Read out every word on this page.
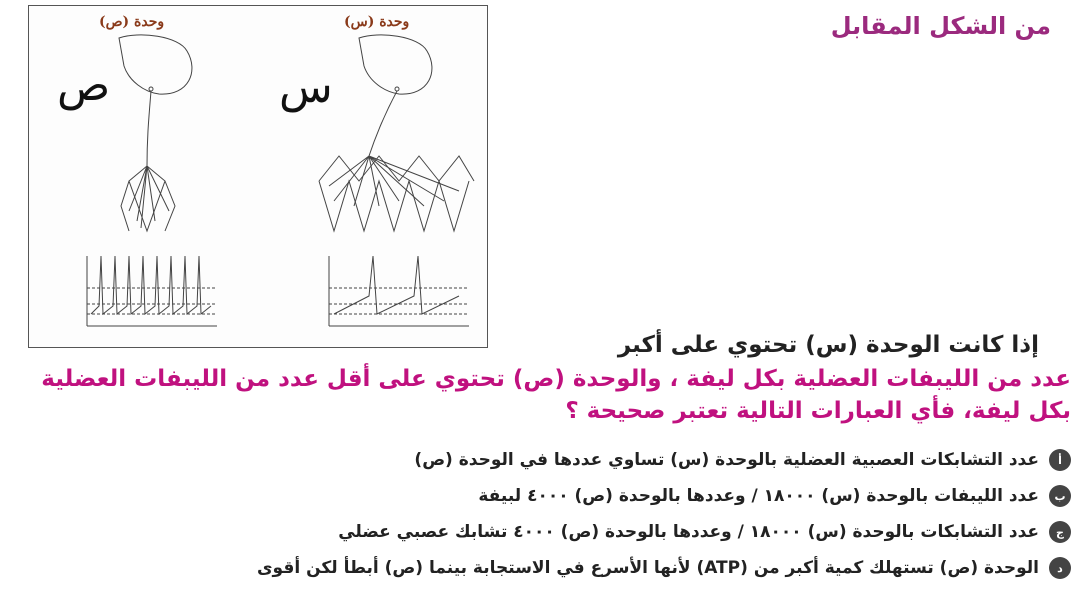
من الشكل المقابل
وحدة (ص)	وحدة (س)
ص	س
إذا كانت الوحدة (س) تحتوي على أكبر
عدد من الليبفات العضلية بكل ليفة ، والوحدة (ص) تحتوي على أقل عدد من الليبفات العضلية
بكل ليفة، فأي العبارات التالية تعتبر صحيحة ؟
أ
عدد التشابكات العصبية العضلية بالوحدة (س) تساوي عددها في الوحدة (ص)
ب
عدد الليبفات بالوحدة (س) ١٨٠٠٠ / وعددها بالوحدة (ص) ٤٠٠٠ لبيفة
ج
عدد التشابكات بالوحدة (س) ١٨٠٠٠ / وعددها بالوحدة (ص) ٤٠٠٠ تشابك عصبي عضلي
د
الوحدة (ص) تستهلك كمية أكبر من (ATP) لأنها الأسرع في الاستجابة بينما (ص) أبطأ لكن أقوى
